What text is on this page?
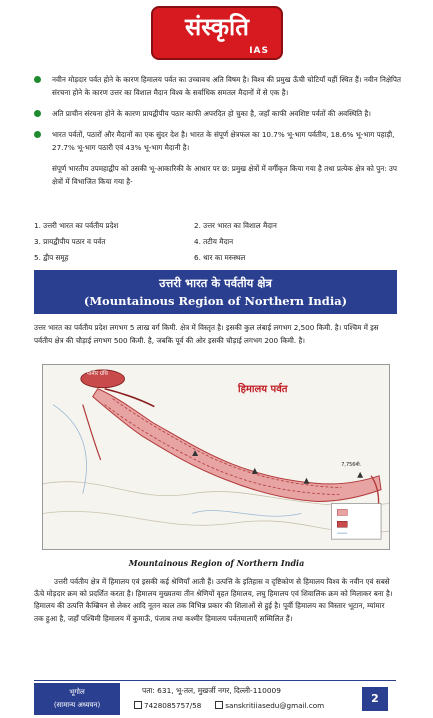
संस्कृति
IAS
नवीन मोड़दार पर्वत होने के कारण हिमालय पर्वत का उच्चावच अति विषम है। विश्व की प्रमुख ऊँची चोटियाँ यहीं स्थित हैं। नवीन निक्षेपित संरचना होने के कारण उत्तर का विशाल मैदान विश्व के सर्वाधिक समतल मैदानों में से एक है।
अति प्राचीन संरचना होने के कारण प्रायद्वीपीय पठार काफी अपरदित हो चुका है, जहाँ काफी अवशिष्ट पर्वतों की अवस्थिति है।
भारत पर्वतों, पठारों और मैदानों का एक सुंदर देश है। भारत के संपूर्ण क्षेत्रफल का 10.7% भू-भाग पर्वतीय, 18.6% भू-भाग पहाड़ी, 27.7% भू-भाग पठारी एवं 43% भू-भाग मैदानी है।
संपूर्ण भारतीय उपमहाद्वीप को उसकी भू-आकारिकी के आधार पर छ: प्रमुख क्षेत्रों में वर्गीकृत किया गया है तथा प्रत्येक क्षेत्र को पुन: उप क्षेत्रों में विभाजित किया गया है-
1. उत्तरी भारत का पर्वतीय प्रदेश	2. उत्तर भारत का विशाल मैदान
3. प्रायद्वीपीय पठार व पर्वत	4. तटीय मैदान
5. द्वीप समूह	6. थार का मरुस्थल
उत्तरी भारत के पर्वतीय क्षेत्र
(Mountainous Region of Northern India)
उत्तर भारत का पर्वतीय प्रदेश लगभग 5 लाख वर्ग किमी. क्षेत्र में विस्तृत है। इसकी कुल लंबाई लगभग 2,500 किमी. है। पश्चिम में इस पर्वतीय क्षेत्र की चौड़ाई लगभग 500 किमी. है, जबकि पूर्व की ओर इसकी चौड़ाई लगभग 200 किमी. है।
पामीर ग्रंथि
7,756मी.
हिमालय पर्वत
Mountainous Region of Northern India
उत्तरी पर्वतीय क्षेत्र में हिमालय एवं इसकी कई श्रेणियाँ आती हैं। उत्पत्ति के इतिहास व दृष्टिकोण से हिमालय विश्व के नवीन एवं सबसे ऊँचे मोड़दार क्रम को प्रदर्शित करता है। हिमालय मुख्यतया तीन श्रेणियों वृहत हिमालय, लघु हिमालय एवं शिवालिक क्रम को मिलाकर बना है। हिमालय की उत्पत्ति कैम्ब्रियन से लेकर आदि नूतन काल तक विभिन्न प्रकार की शिलाओं से हुई है। पूर्वी हिमालय का विस्तार भूटान, म्यांमार तक हुआ है, जहाँ पश्चिमी हिमालय में कुमाऊँ, पंजाब तथा कश्मीर हिमालय पर्वतमालाएँ सम्मिलित हैं।
भूगोल
(सामान्य अध्ययन)
पता: 631, भू-तल, मुखर्जी नगर, दिल्ली-110009
7428085757/58	sanskritiiasedu@gmail.com
2
